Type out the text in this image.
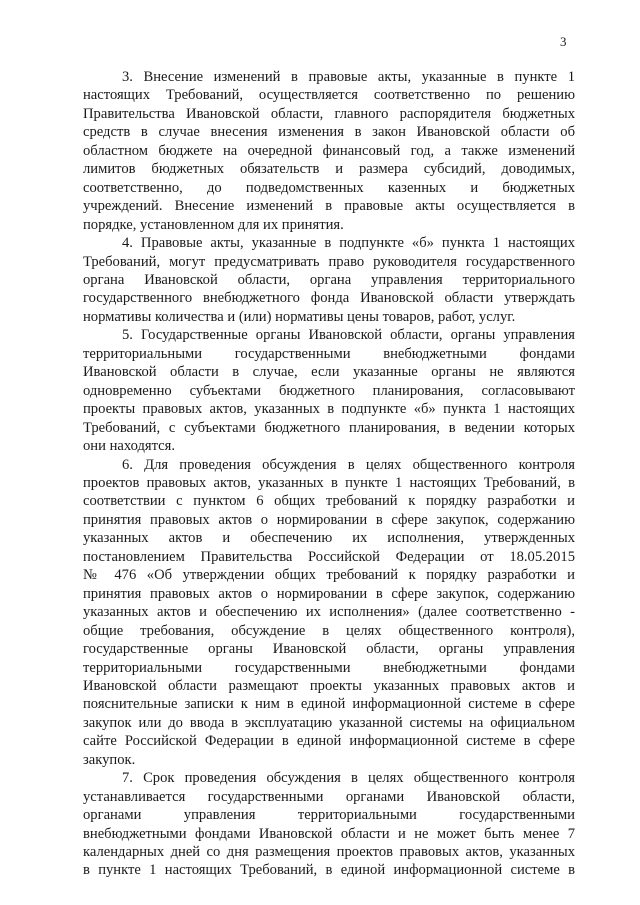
3
3. Внесение изменений в правовые акты, указанные в пункте 1
настоящих Требований, осуществляется соответственно по решению
Правительства Ивановской области, главного распорядителя бюджетных
средств в случае внесения изменения в закон Ивановской области об
областном бюджете на очередной финансовый год, а также изменений
лимитов бюджетных обязательств и размера субсидий, доводимых,
соответственно, до подведомственных казенных и бюджетных
учреждений. Внесение изменений в правовые акты осуществляется в
порядке, установленном для их принятия.
4. Правовые акты, указанные в подпункте «б» пункта 1 настоящих
Требований, могут предусматривать право руководителя государственного
органа Ивановской области, органа управления территориального
государственного внебюджетного фонда Ивановской области утверждать
нормативы количества и (или) нормативы цены товаров, работ, услуг.
5. Государственные органы Ивановской области, органы управления
территориальными государственными внебюджетными фондами
Ивановской области в случае, если указанные органы не являются
одновременно субъектами бюджетного планирования, согласовывают
проекты правовых актов, указанных в подпункте «б» пункта 1 настоящих
Требований, с субъектами бюджетного планирования, в ведении которых
они находятся.
6. Для проведения обсуждения в целях общественного контроля
проектов правовых актов, указанных в пункте 1 настоящих Требований, в
соответствии с пунктом 6 общих требований к порядку разработки и
принятия правовых актов о нормировании в сфере закупок, содержанию
указанных актов и обеспечению их исполнения, утвержденных
постановлением Правительства Российской Федерации от 18.05.2015
№ 476 «Об утверждении общих требований к порядку разработки и
принятия правовых актов о нормировании в сфере закупок, содержанию
указанных актов и обеспечению их исполнения» (далее соответственно -
общие требования, обсуждение в целях общественного контроля),
государственные органы Ивановской области, органы управления
территориальными государственными внебюджетными фондами
Ивановской области размещают проекты указанных правовых актов и
пояснительные записки к ним в единой информационной системе в сфере
закупок или до ввода в эксплуатацию указанной системы на официальном
сайте Российской Федерации в единой информационной системе в сфере
закупок.
7. Срок проведения обсуждения в целях общественного контроля
устанавливается государственными органами Ивановской области,
органами управления территориальными государственными
внебюджетными фондами Ивановской области и не может быть менее 7
календарных дней со дня размещения проектов правовых актов, указанных
в пункте 1 настоящих Требований, в единой информационной системе в
